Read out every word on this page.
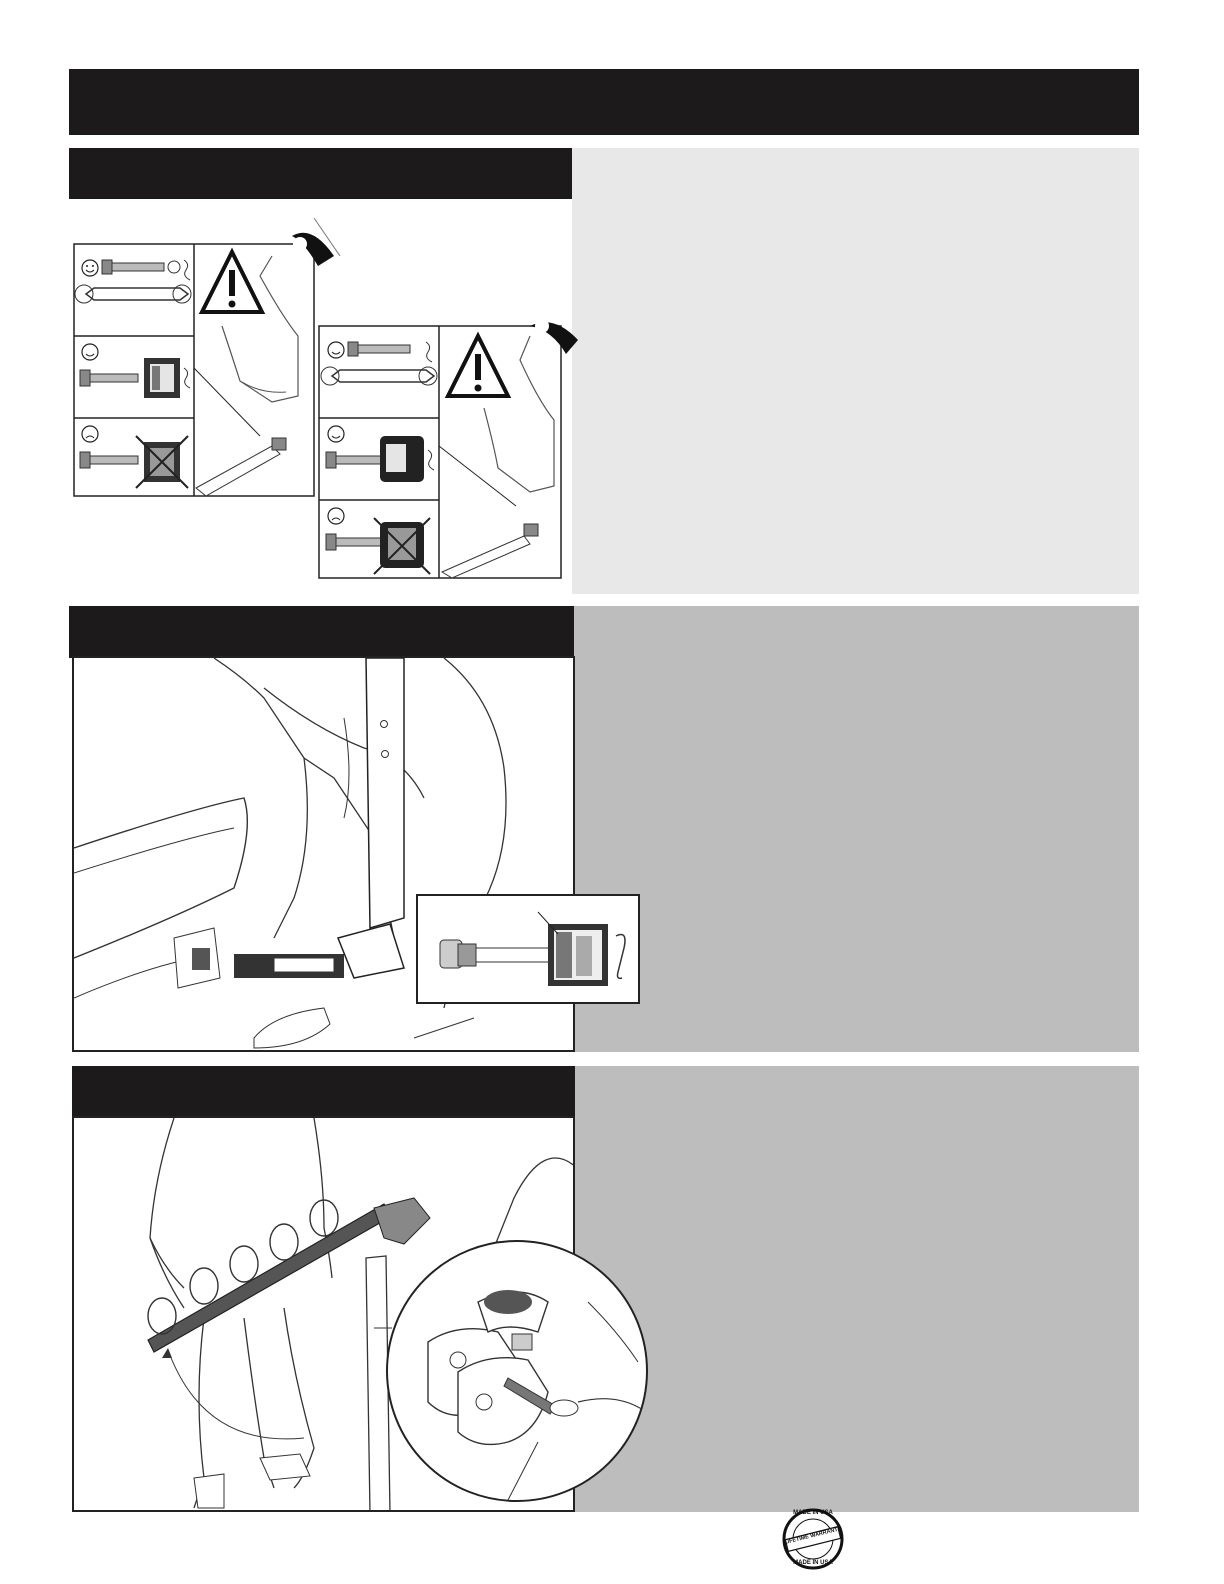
MADE IN USA
LIFETIME WARRANTY
MADE IN USA
